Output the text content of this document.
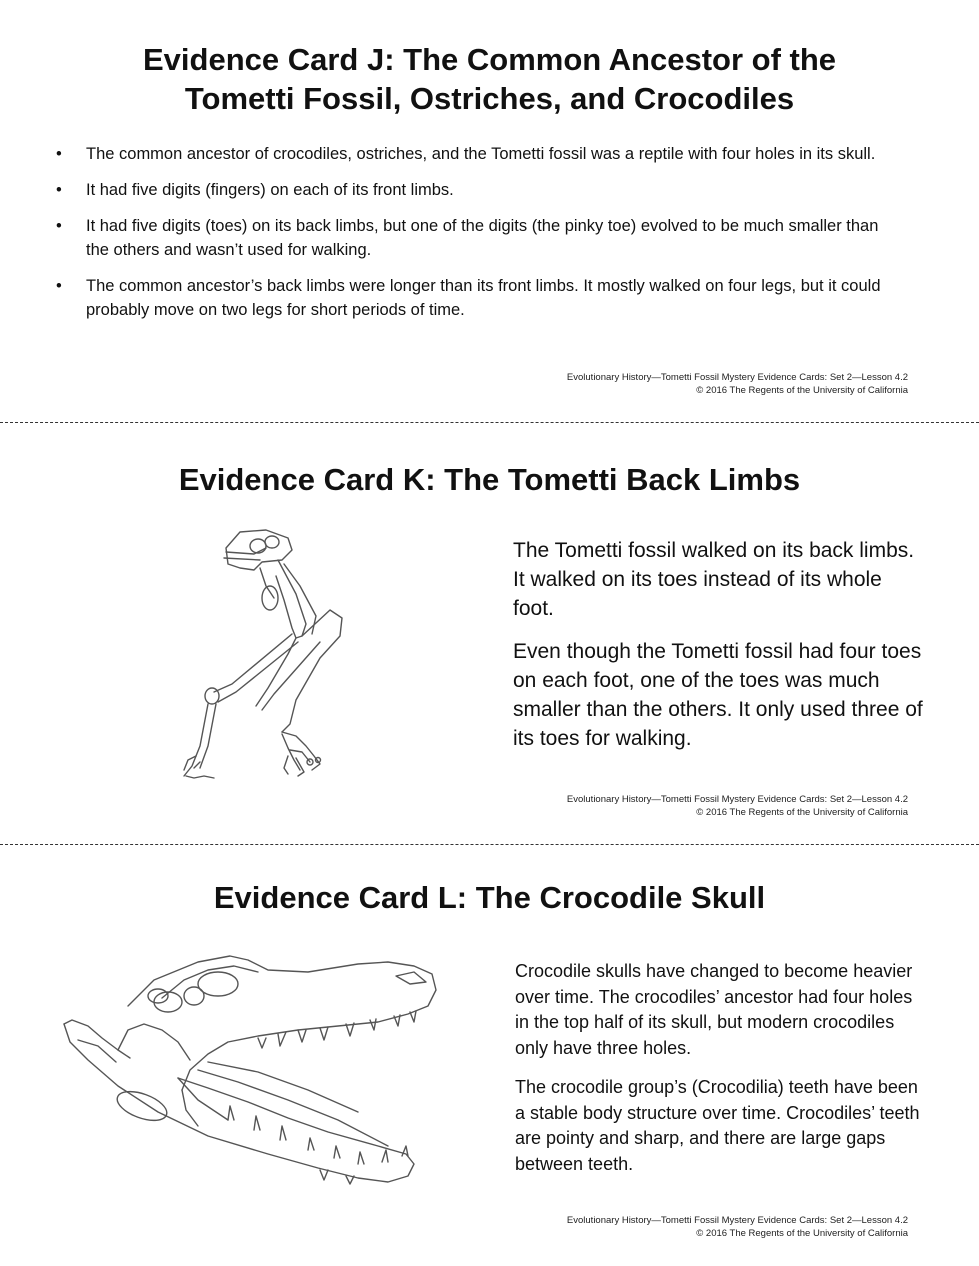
Evidence Card J: The Common Ancestor of the
Tometti Fossil, Ostriches, and Crocodiles
• The common ancestor of crocodiles, ostriches, and the Tometti fossil was a reptile with four holes in its skull.
• It had five digits (fingers) on each of its front limbs.
• It had five digits (toes) on its back limbs, but one of the digits (the pinky toe) evolved to be much smaller than the others and wasn’t used for walking.
• The common ancestor’s back limbs were longer than its front limbs. It mostly walked on four legs, but it could probably move on two legs for short periods of time.
Evolutionary History—Tometti Fossil Mystery Evidence Cards: Set 2—Lesson 4.2
© 2016 The Regents of the University of California
Evidence Card K: The Tometti Back Limbs

The Tometti fossil walked on its back limbs. It walked on its toes instead of its whole foot.

Even though the Tometti fossil had four toes on each foot, one of the toes was much smaller than the others. It only used three of its toes for walking.

Evolutionary History—Tometti Fossil Mystery Evidence Cards: Set 2—Lesson 4.2
© 2016 The Regents of the University of California
Evidence Card L: The Crocodile Skull

Crocodile skulls have changed to become heavier over time. The crocodiles’ ancestor had four holes in the top half of its skull, but modern crocodiles only have three holes.

The crocodile group’s (Crocodilia) teeth have been a stable body structure over time. Crocodiles’ teeth are pointy and sharp, and there are large gaps between teeth.

Evolutionary History—Tometti Fossil Mystery Evidence Cards: Set 2—Lesson 4.2
© 2016 The Regents of the University of California
